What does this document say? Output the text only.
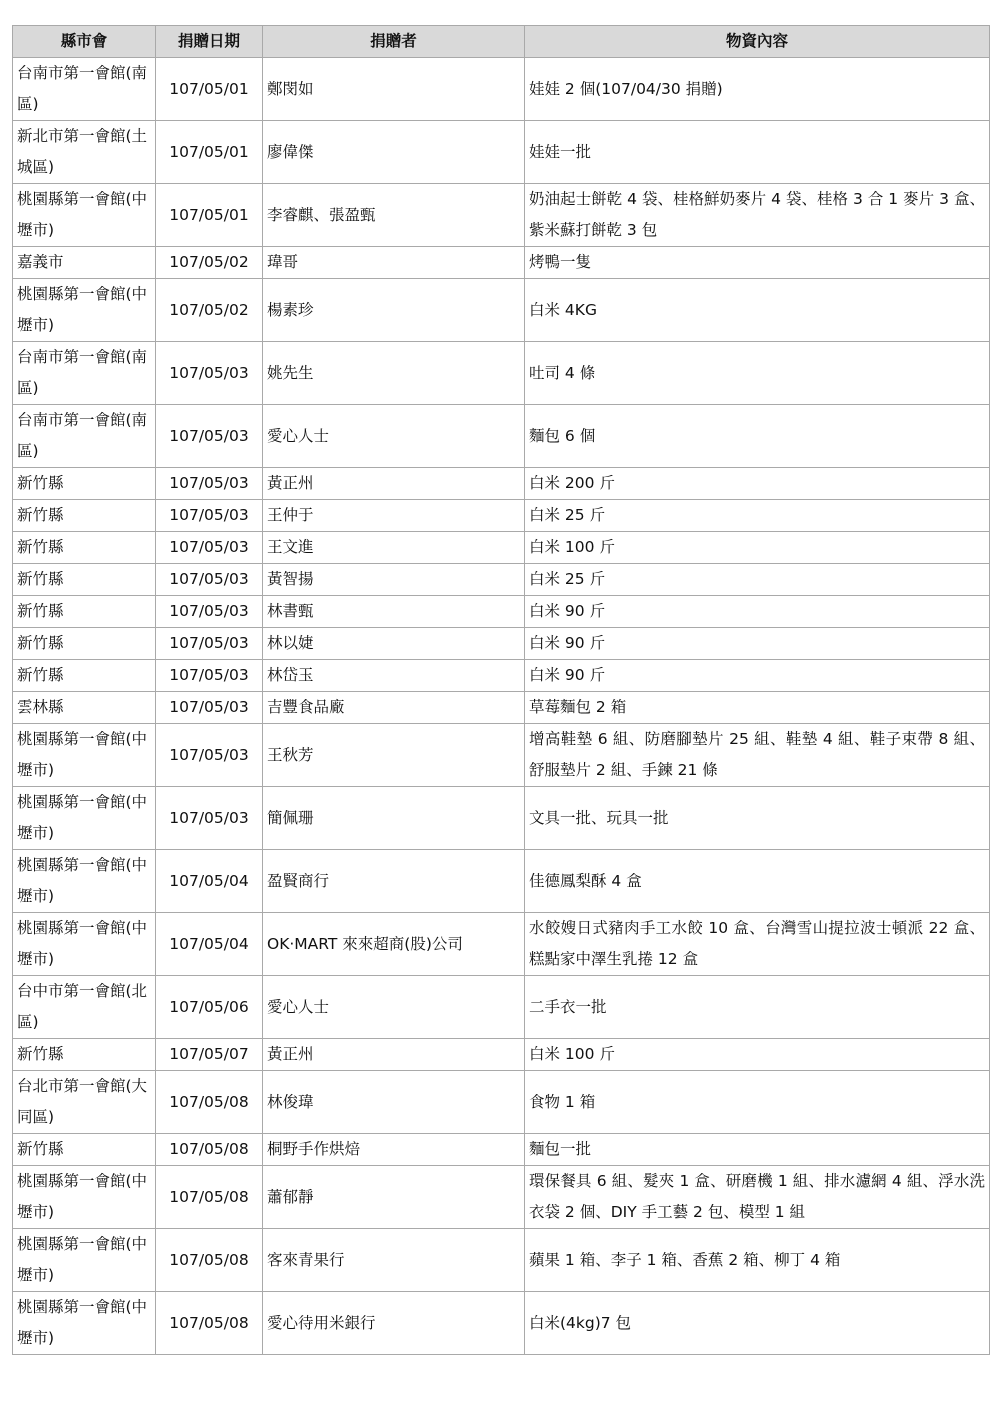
縣市會	捐贈日期	捐贈者	物資內容
台南市第一會館(南區)	107/05/01	鄭閔如	娃娃 2 個(107/04/30 捐贈)
新北市第一會館(土城區)	107/05/01	廖偉傑	娃娃一批
桃園縣第一會館(中壢市)	107/05/01	李睿麒、張盈甄	奶油起士餅乾 4 袋、桂格鮮奶麥片 4 袋、桂格 3 合 1 麥片 3 盒、紫米蘇打餅乾 3 包
嘉義市	107/05/02	瑋哥	烤鴨一隻
桃園縣第一會館(中壢市)	107/05/02	楊素珍	白米 4KG
台南市第一會館(南區)	107/05/03	姚先生	吐司 4 條
台南市第一會館(南區)	107/05/03	愛心人士	麵包 6 個
新竹縣	107/05/03	黃正州	白米 200 斤
新竹縣	107/05/03	王仲于	白米 25 斤
新竹縣	107/05/03	王文進	白米 100 斤
新竹縣	107/05/03	黃智揚	白米 25 斤
新竹縣	107/05/03	林書甄	白米 90 斤
新竹縣	107/05/03	林以婕	白米 90 斤
新竹縣	107/05/03	林岱玉	白米 90 斤
雲林縣	107/05/03	吉豐食品廠	草莓麵包 2 箱
桃園縣第一會館(中壢市)	107/05/03	王秋芳	增高鞋墊 6 組、防磨腳墊片 25 組、鞋墊 4 組、鞋子束帶 8 組、舒服墊片 2 組、手鍊 21 條
桃園縣第一會館(中壢市)	107/05/03	簡佩珊	文具一批、玩具一批
桃園縣第一會館(中壢市)	107/05/04	盈賢商行	佳德鳳梨酥 4 盒
桃園縣第一會館(中壢市)	107/05/04	OK‧MART 來來超商(股)公司	水餃嫂日式豬肉手工水餃 10 盒、台灣雪山提拉波士頓派 22 盒、糕點家中澤生乳捲 12 盒
台中市第一會館(北區)	107/05/06	愛心人士	二手衣一批
新竹縣	107/05/07	黃正州	白米 100 斤
台北市第一會館(大同區)	107/05/08	林俊瑋	食物 1 箱
新竹縣	107/05/08	桐野手作烘焙	麵包一批
桃園縣第一會館(中壢市)	107/05/08	蕭郁靜	環保餐具 6 組、髮夾 1 盒、研磨機 1 組、排水濾網 4 組、浮水洗衣袋 2 個、DIY 手工藝 2 包、模型 1 組
桃園縣第一會館(中壢市)	107/05/08	客來青果行	蘋果 1 箱、李子 1 箱、香蕉 2 箱、柳丁 4 箱
桃園縣第一會館(中壢市)	107/05/08	愛心待用米銀行	白米(4kg)7 包
